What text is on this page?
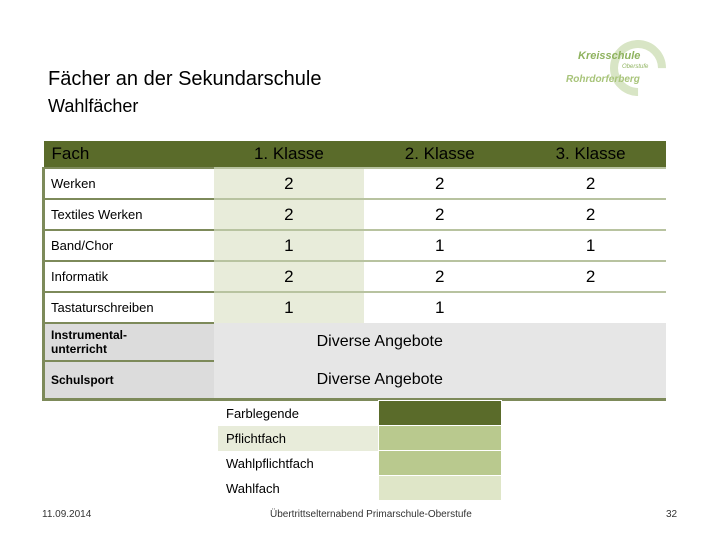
Fächer an der Sekundarschule
Wahlfächer
Kreisschule
Oberstufe
Rohrdorferberg
Fach	1. Klasse	2. Klasse	3. Klasse
Werken	2	2	2
Textiles Werken	2	2	2
Band/Chor	1	1	1
Informatik	2	2	2
Tastaturschreiben	1	1	
Instrumental-
unterricht	Diverse Angebote		
Schulsport	Diverse Angebote		
Farblegende	
Pflichtfach	
Wahlpflichtfach	
Wahlfach	
11.09.2014	Übertrittselternabend Primarschule-Oberstufe	32
